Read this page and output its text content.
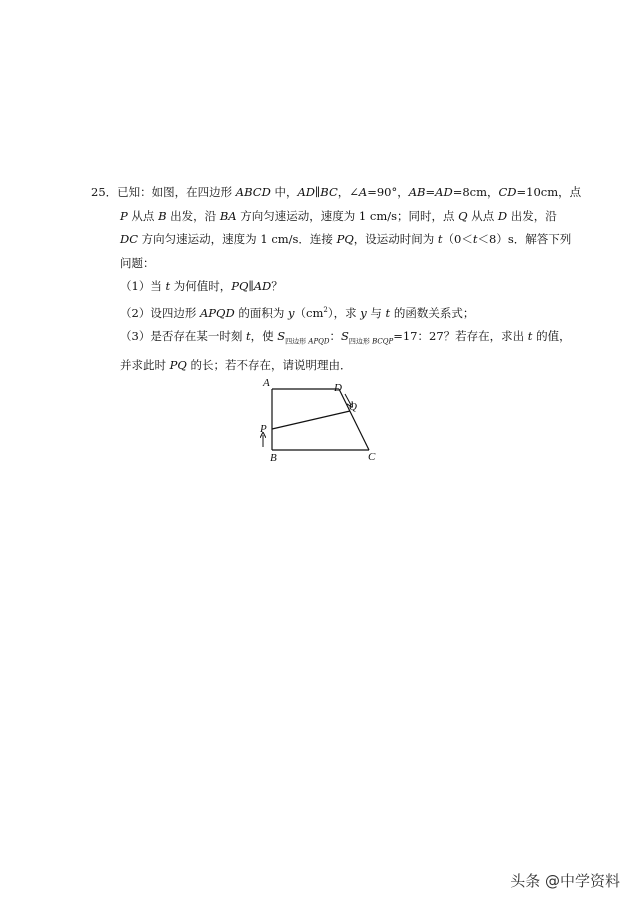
25．已知：如图，在四边形 ABCD 中，AD∥BC，∠A=90°，AB=AD=8cm，CD=10cm，点
P 从点 B 出发，沿 BA 方向匀速运动，速度为 1 cm/s；同时，点 Q 从点 D 出发，沿
DC 方向匀速运动，速度为 1 cm/s．连接 PQ，设运动时间为 t（0＜t＜8）s．解答下列
问题：
（1）当 t 为何值时，PQ∥AD？
（2）设四边形 APQD 的面积为 $y(cm^2)$，求 y 与 t 的函数关系式；
（3）是否存在某一时刻 t，使 $S_{四边形}$ $_{APQD}$：$S_{四边形}$ $_{BCQP}$=17：27？若存在，求出 t 的值，
并求此时 PQ 的长；若不存在，请说明理由．
A	D
Q
P
B	C
头条 @中学资料
